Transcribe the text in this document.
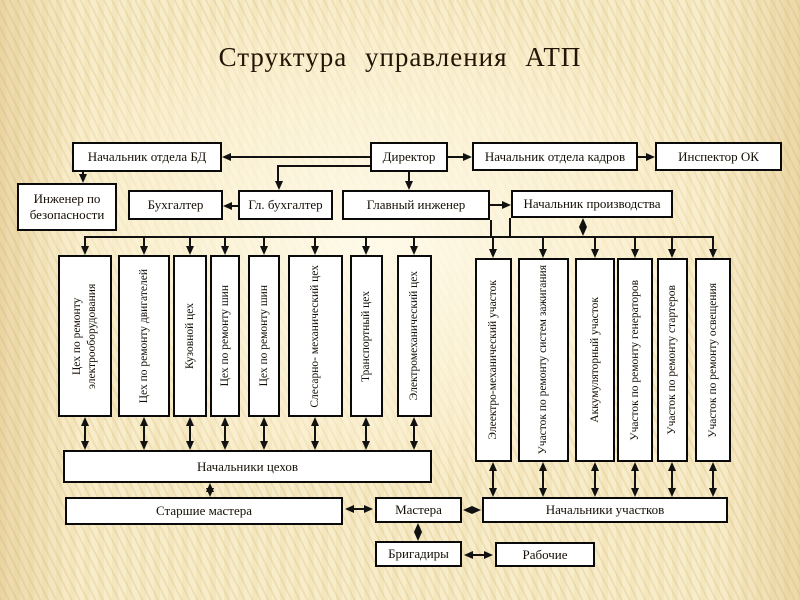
Структура управления АТП
Начальник отдела БД	Директор	Начальник отдела кадров	Инспектор ОК
Инженер по безопасности
Бухгалтер	Гл. бухгалтер	Главный инженер	Начальник производства
Цех по ремонту электрооборудования	Цех по ремонту двигателей	Кузовной цех Цех по ремонту шин Цех по ремонту шин	Слесарно- механический цех	Транспортный цех	Электромеханический цех	Элеектро-механический участок	Участок по ремонту систем зажигания	Аккумуляторный участок Участок по ремонту генераторов Участок по ремонту стартеров Участок по ремонту освещения
Начальники цехов
Старшие мастера	Мастера	Начальники участков
Бригадиры	Рабочие
